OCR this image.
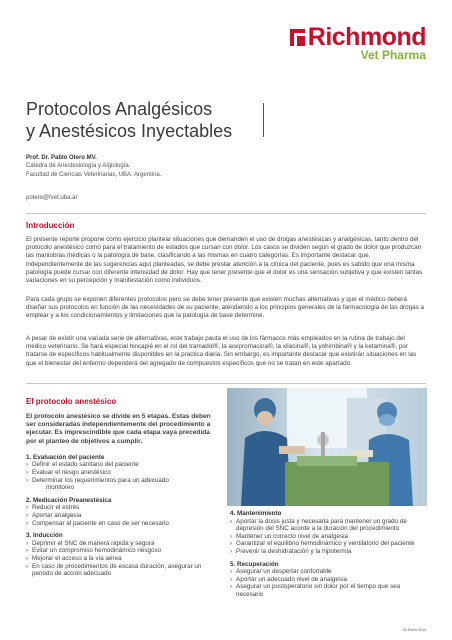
Richmond
Vet Pharma
Protocolos Analgésicos
y Anestésicos Inyectables
Prof. Dr. Pablo Otero MV.
Cátedra de Anestesiología y Algiología.
Facultad de Ciencias Veterinarias, UBA. Argentina.
potero@fvet.uba.ar
Introducción

El presente reporte propone como ejercicio plantear situaciones que demanden el uso de drogas anestésicas y analgésicas, tanto dentro del protocolo anestésico como para el tratamiento de estados que cursan con dolor. Los casos se dividen según el grado de dolor que produzcan las maniobras médicas o la patología de base, clasificando a las mismas en cuatro categorías. Es importante destacar que, independientemente de las sugerencias aquí planteadas, se debe prestar atención a la clínica del paciente, pues es sabido que una misma patología puede cursar con diferente intensidad de dolor. Hay que tener presente que el dolor es una sensación subjetiva y que existen tantas variaciones en su percepción y manifestación como individuos.

Para cada grupo se exponen diferentes protocolos pero se debe tener presente que existen muchas alternativas y que el médico deberá diseñar sus protocolos en función de las necesidades de su paciente, atendiendo a los principios generales de la farmacología de las drogas a emplear y a los condicionamientos y limitaciones que la patología de base determine.

A pesar de existir una variada serie de alternativas, este trabajo pauta el uso de los fármacos más empleados en la rutina de trabajo del médico veterinario. Se hará especial hincapié en el rol del tramadol®, la acepromacina®, la xilacina®, la yohimbina® y la ketamina®, por tratarse de específicos habitualmente disponibles en la práctica diaria. Sin embargo, es importante destacar que existirán situaciones en las que el bienestar del enfermo dependerá del agregado de compuestos específicos que no se tratan en este apartado.

El protocolo anestésico

El protocolo anestésico se divide en 5 etapas. Estas deben ser consideradas independientemente del procedimiento a ejecutar. Es imprescindible que cada etapa vaya precedida por el planteo de objetivos a cumplir.

1. Evaluación del paciente

› Definir el estado sanitario del paciente

› Evaluar el riesgo anestésico

› Determinar los requerimientos para un adecuado

monitoreo

2. Medicación Preanestésica

› Reducir el estrés

› Aportar analgesia

› Compensar al paciente en caso de ser necesario

3. Inducción

› Deprimir el SNC de manera rápida y segura

› Evitar un compromiso hemodinámico riesgoso

› Mejorar el acceso a la vía aérea

› En caso de procedimientos de escasa duración, asegurar un periodo de acción adecuado

4. Mantenimiento

› Aportar la dosis justa y necesaria para mantener un grado de depresión del SNC acorde a la duración del procedimiento

› Mantener un correcto nivel de analgesia

› Garantizar el equilibrio hemodinámico y ventilatorio del paciente

› Prevenir la deshidratación y la hipotermia

5. Recuperación

› Asegurar un despertar confortable

› Aportar un adecuado nivel de analgesia

› Asegurar un postoperatorio sin dolor por el tiempo que sea necesario

V2 Enero 2014
